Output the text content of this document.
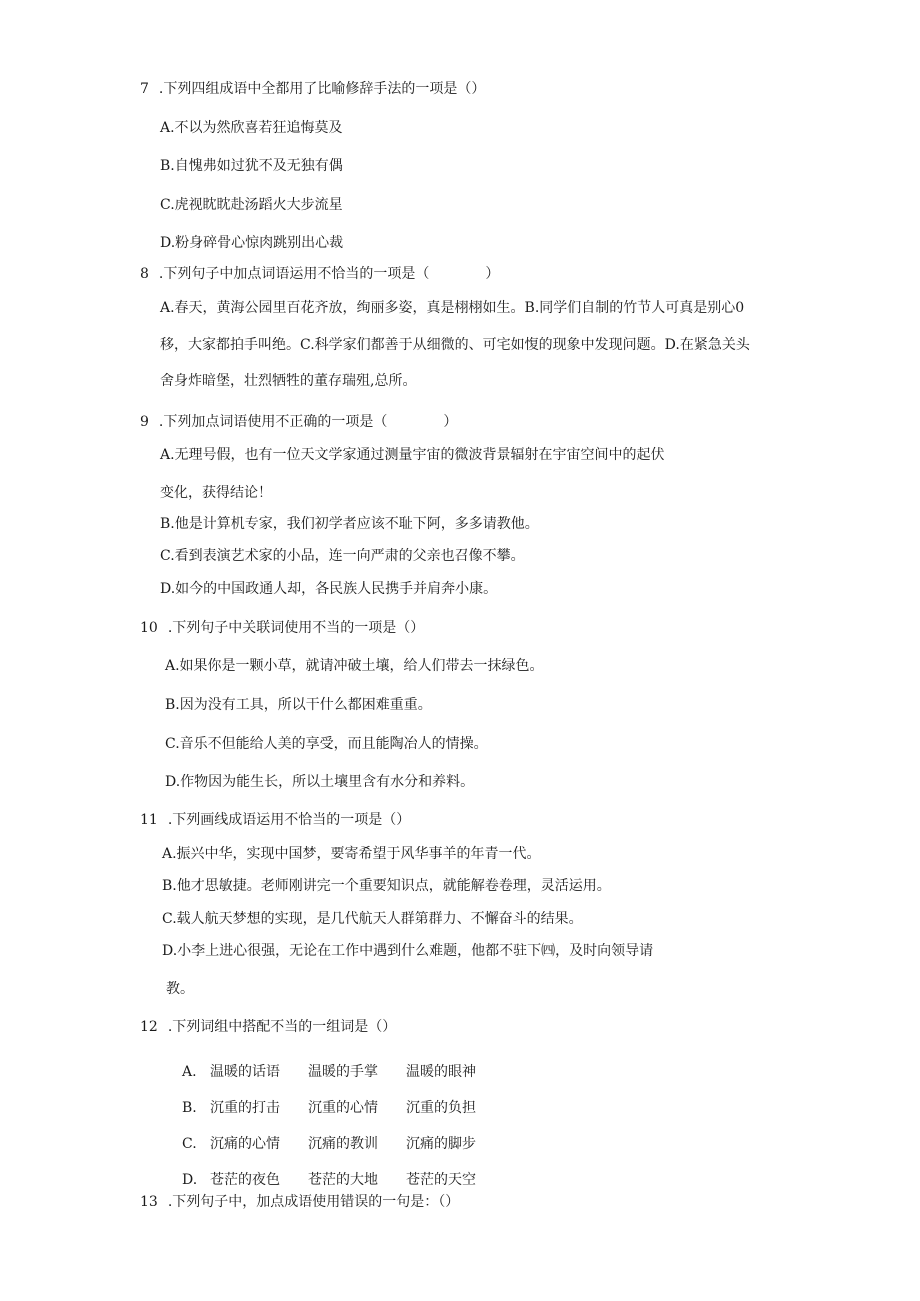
7 .下列四组成语中全都用了比喻修辞手法的一项是（）
A.不以为然欣喜若狂追悔莫及
B.自愧弗如过犹不及无独有偶
C.虎视眈眈赴汤蹈火大步流星
D.粉身碎骨心惊肉跳别出心裁
8 .下列句子中加点词语运用不恰当的一项是（　　　　）
A.春天，黄海公园里百花齐放，绚丽多姿，真是栩栩如生。B.同学们自制的竹节人可真是别心0
移，大家都拍手叫绝。C.科学家们都善于从细微的、可宅如愎的现象中发现问题。D.在紧急关头
舍身炸暗堡，壮烈牺牲的董存瑞殂,总所。
9 .下列加点词语使用不正确的一项是（　　　　）
A.无理号假，也有一位天文学家通过测量宇宙的微波背景辐射在宇宙空间中的起伏
变化，获得结论！
B.他是计算机专家，我们初学者应该不耻下阿，多多请教他。
C.看到表演艺术家的小品，连一向严肃的父亲也召像不攀。
D.如今的中国政通人却，各民族人民携手并肩奔小康。
10 .下列句子中关联词使用不当的一项是（）
A.如果你是一颗小草，就请冲破土壤，给人们带去一抹绿色。
B.因为没有工具，所以干什么都困难重重。
C.音乐不但能给人美的享受，而且能陶冶人的情操。
D.作物因为能生长，所以土壤里含有水分和养料。
11 .下列画线成语运用不恰当的一项是（）
A.振兴中华，实现中国梦，要寄希望于风华事羊的年青一代。
B.他才思敏捷。老师刚讲完一个重要知识点，就能解卷卷理，灵活运用。
C.载人航天梦想的实现，是几代航天人群第群力、不懈奋斗的结果。
D.小李上进心很强，无论在工作中遇到什么难题，他都不驻下㈣，及时向领导请
教。
12 .下列词组中搭配不当的一组词是（）
A. 温暖的话语 温暖的手掌 温暖的眼神
B. 沉重的打击 沉重的心情 沉重的负担
C. 沉痛的心情 沉痛的教训 沉痛的脚步
D. 苍茫的夜色 苍茫的大地 苍茫的天空
13 .下列句子中，加点成语使用错误的一句是：（）
